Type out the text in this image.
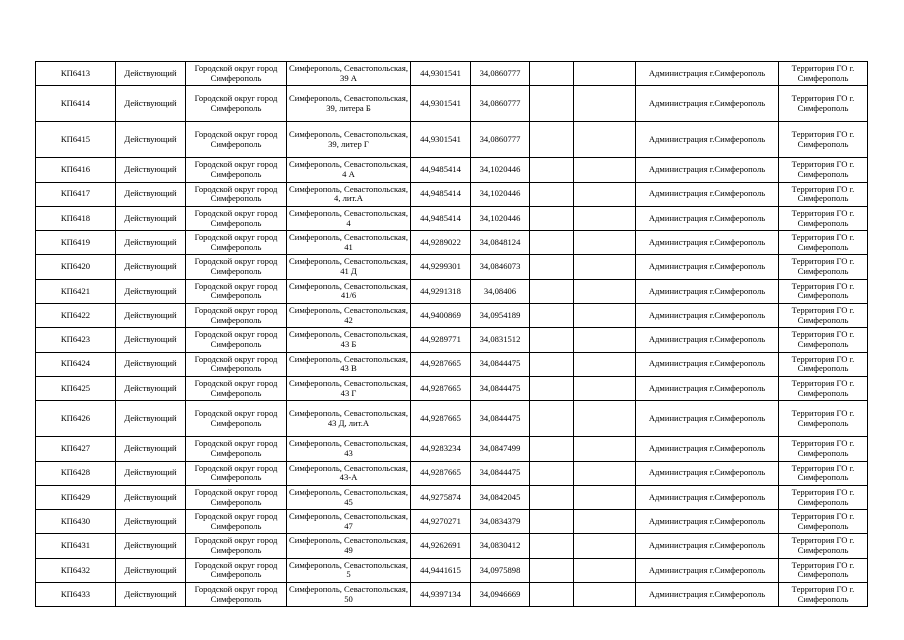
КП6413	Действующий	Городской округ город Симферополь	Симферополь, Севастопольская, 39 А	44,9301541	34,0860777			Администрация г.Симферополь	Территория ГО г. Симферополь
КП6414	Действующий	Городской округ город Симферополь	Симферополь, Севастопольская, 39, литера Б	44,9301541	34,0860777			Администрация г.Симферополь	Территория ГО г. Симферополь
КП6415	Действующий	Городской округ город Симферополь	Симферополь, Севастопольская, 39, литер Г	44,9301541	34,0860777			Администрация г.Симферополь	Территория ГО г. Симферополь
КП6416	Действующий	Городской округ город Симферополь	Симферополь, Севастопольская, 4 А	44,9485414	34,1020446			Администрация г.Симферополь	Территория ГО г. Симферополь
КП6417	Действующий	Городской округ город Симферополь	Симферополь, Севастопольская, 4, лит.А	44,9485414	34,1020446			Администрация г.Симферополь	Территория ГО г. Симферополь
КП6418	Действующий	Городской округ город Симферополь	Симферополь, Севастопольская, 4	44,9485414	34,1020446			Администрация г.Симферополь	Территория ГО г. Симферополь
КП6419	Действующий	Городской округ город Симферополь	Симферополь, Севастопольская, 41	44,9289022	34,0848124			Администрация г.Симферополь	Территория ГО г. Симферополь
КП6420	Действующий	Городской округ город Симферополь	Симферополь, Севастопольская, 41 Д	44,9299301	34,0846073			Администрация г.Симферополь	Территория ГО г. Симферополь
КП6421	Действующий	Городской округ город Симферополь	Симферополь, Севастопольская, 41/6	44,9291318	34,08406			Администрация г.Симферополь	Территория ГО г. Симферополь
КП6422	Действующий	Городской округ город Симферополь	Симферополь, Севастопольская, 42	44,9400869	34,0954189			Администрация г.Симферополь	Территория ГО г. Симферополь
КП6423	Действующий	Городской округ город Симферополь	Симферополь, Севастопольская, 43 Б	44,9289771	34,0831512			Администрация г.Симферополь	Территория ГО г. Симферополь
КП6424	Действующий	Городской округ город Симферополь	Симферополь, Севастопольская, 43 В	44,9287665	34,0844475			Администрация г.Симферополь	Территория ГО г. Симферополь
КП6425	Действующий	Городской округ город Симферополь	Симферополь, Севастопольская, 43 Г	44,9287665	34,0844475			Администрация г.Симферополь	Территория ГО г. Симферополь
КП6426	Действующий	Городской округ город Симферополь	Симферополь, Севастопольская, 43 Д, лит.А	44,9287665	34,0844475			Администрация г.Симферополь	Территория ГО г. Симферополь
КП6427	Действующий	Городской округ город Симферополь	Симферополь, Севастопольская, 43	44,9283234	34,0847499			Администрация г.Симферополь	Территория ГО г. Симферополь
КП6428	Действующий	Городской округ город Симферополь	Симферополь, Севастопольская, 43-А	44,9287665	34,0844475			Администрация г.Симферополь	Территория ГО г. Симферополь
КП6429	Действующий	Городской округ город Симферополь	Симферополь, Севастопольская, 45	44,9275874	34,0842045			Администрация г.Симферополь	Территория ГО г. Симферополь
КП6430	Действующий	Городской округ город Симферополь	Симферополь, Севастопольская, 47	44,9270271	34,0834379			Администрация г.Симферополь	Территория ГО г. Симферополь
КП6431	Действующий	Городской округ город Симферополь	Симферополь, Севастопольская, 49	44,9262691	34,0830412			Администрация г.Симферополь	Территория ГО г. Симферополь
КП6432	Действующий	Городской округ город Симферополь	Симферополь, Севастопольская, 5	44,9441615	34,0975898			Администрация г.Симферополь	Территория ГО г. Симферополь
КП6433	Действующий	Городской округ город Симферополь	Симферополь, Севастопольская, 50	44,9397134	34,0946669			Администрация г.Симферополь	Территория ГО г. Симферополь
